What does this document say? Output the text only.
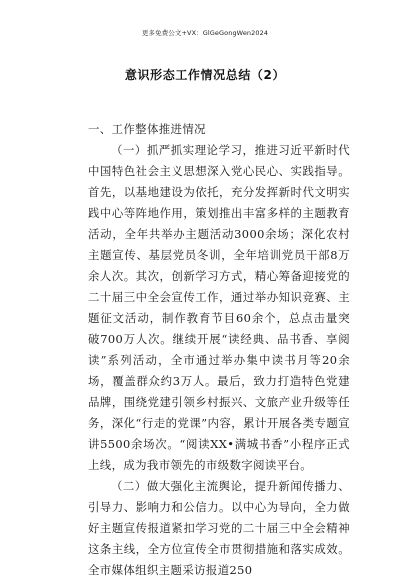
更多免费公文+VX：GlGeGongWen2024
意识形态工作情况总结（2）

一、工作整体推进情况

（一）抓严抓实理论学习，推进习近平新时代中国特色社会主义思想深入党心民心、实践指导。首先，以基地建设为依托，充分发挥新时代文明实践中心等阵地作用，策划推出丰富多样的主题教育活动，全年共举办主题活动3000余场；深化农村主题宣传、基层党员冬训，全年培训党员干部8万余人次。其次，创新学习方式，精心筹备迎接党的二十届三中全会宣传工作，通过举办知识竞赛、主题征文活动，制作教育节目60余个，总点击量突破700万人次。继续开展“读经典、品书香、享阅读”系列活动，全市通过举办集中读书月等20余场，覆盖群众约3万人。最后，致力打造特色党建品牌，围绕党建引领乡村振兴、文旅产业升级等任务，深化“行走的党课”内容，累计开展各类专题宣讲5500余场次。“阅读XX•满城书香”小程序正式上线，成为我市领先的市级数字阅读平台。

（二）做大强化主流舆论，提升新闻传播力、引导力、影响力和公信力。以中心为导向，全力做好主题宣传报道紧扣学习党的二十届三中全会精神这条主线，全方位宣传全市贯彻措施和落实成效。全市媒体组织主题采访报道250
